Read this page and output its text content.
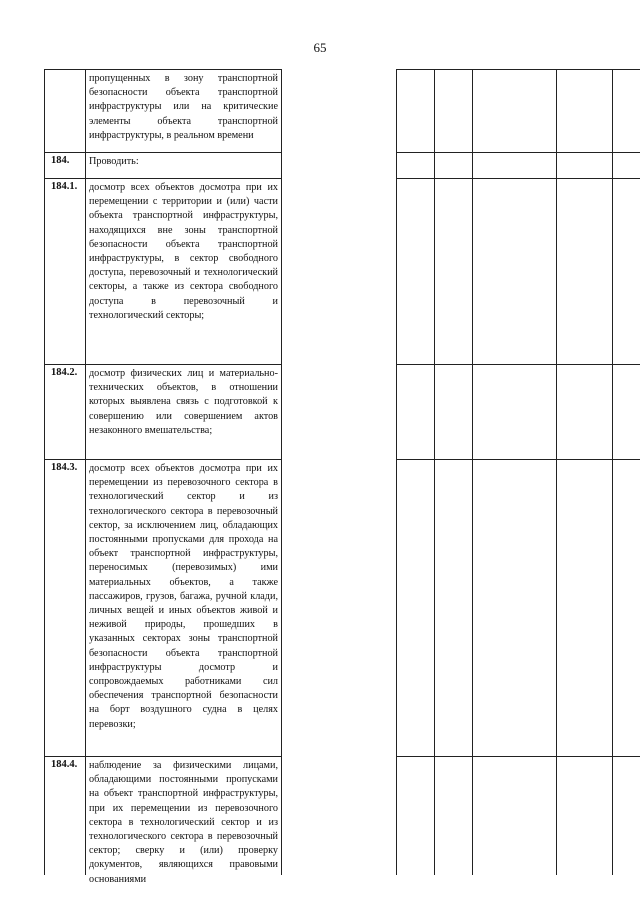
65
пропущенных в зону транспортной безопасности объекта транспортной инфраструктуры или на критические элементы объекта транспортной инфраструктуры, в реальном времени
184.	Проводить:
184.1.	досмотр всех объектов досмотра при их перемещении с территории и (или) части объекта транспортной инфраструктуры, находящихся вне зоны транспортной безопасности объекта транспортной инфраструктуры, в сектор свободного доступа, перевозочный и технологический секторы, а также из сектора свободного доступа в перевозочный и технологический секторы;
184.2.	досмотр физических лиц и материально-технических объектов, в отношении которых выявлена связь с подготовкой к совершению или совершением актов незаконного вмешательства;
184.3.	досмотр всех объектов досмотра при их перемещении из перевозочного сектора в технологический сектор и из технологического сектора в перевозочный сектор, за исключением лиц, обладающих постоянными пропусками для прохода на объект транспортной инфраструктуры, переносимых (перевозимых) ими материальных объектов, а также пассажиров, грузов, багажа, ручной клади, личных вещей и иных объектов живой и неживой природы, прошедших в указанных секторах зоны транспортной безопасности объекта транспортной инфраструктуры досмотр и сопровождаемых работниками сил обеспечения транспортной безопасности на борт воздушного судна в целях перевозки;
184.4.	наблюдение за физическими лицами, обладающими постоянными пропусками на объект транспортной инфраструктуры, при их перемещении из перевозочного сектора в технологический сектор и из технологического сектора в перевозочный сектор; сверку и (или) проверку документов, являющихся правовыми основаниями
